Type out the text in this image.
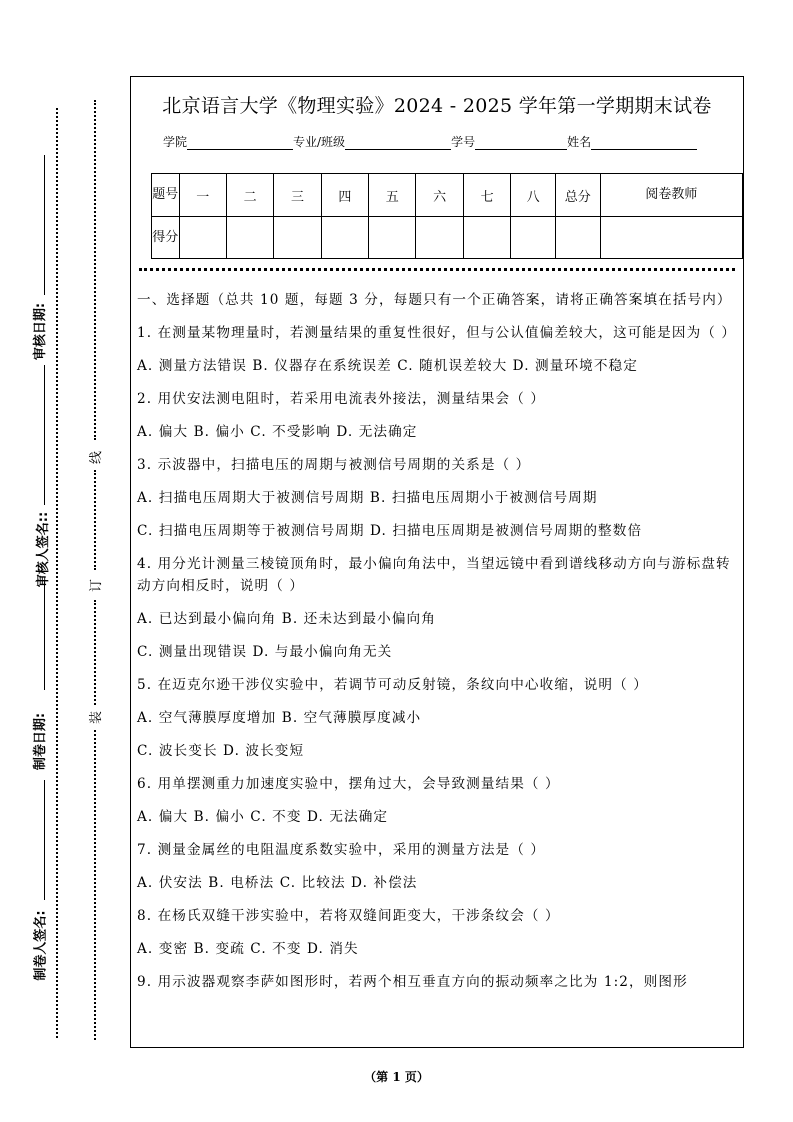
审核日期:
审核人签名::
制卷日期:
制卷人签名:
线
订
装
北京语言大学《物理实验》2024 - 2025 学年第一学期期末试卷
学院	专业/班级	学号	姓名
题号	一	二	三	四	五	六	七	八	总分	阅卷教师
得分										
一、选择题（总共 10 题，每题 3 分，每题只有一个正确答案，请将正确答案填在括号内）
1. 在测量某物理量时，若测量结果的重复性很好，但与公认值偏差较大，这可能是因为（ ）
A. 测量方法错误 B. 仪器存在系统误差 C. 随机误差较大 D. 测量环境不稳定
2. 用伏安法测电阻时，若采用电流表外接法，测量结果会（ ）
A. 偏大 B. 偏小 C. 不受影响 D. 无法确定
3. 示波器中，扫描电压的周期与被测信号周期的关系是（ ）
A. 扫描电压周期大于被测信号周期 B. 扫描电压周期小于被测信号周期
C. 扫描电压周期等于被测信号周期 D. 扫描电压周期是被测信号周期的整数倍
4. 用分光计测量三棱镜顶角时，最小偏向角法中，当望远镜中看到谱线移动方向与游标盘转动方向相反时，说明（ ）
A. 已达到最小偏向角 B. 还未达到最小偏向角
C. 测量出现错误 D. 与最小偏向角无关
5. 在迈克尔逊干涉仪实验中，若调节可动反射镜，条纹向中心收缩，说明（ ）
A. 空气薄膜厚度增加 B. 空气薄膜厚度减小
C. 波长变长 D. 波长变短
6. 用单摆测重力加速度实验中，摆角过大，会导致测量结果（ ）
A. 偏大 B. 偏小 C. 不变 D. 无法确定
7. 测量金属丝的电阻温度系数实验中，采用的测量方法是（ ）
A. 伏安法 B. 电桥法 C. 比较法 D. 补偿法
8. 在杨氏双缝干涉实验中，若将双缝间距变大，干涉条纹会（ ）
A. 变密 B. 变疏 C. 不变 D. 消失
9. 用示波器观察李萨如图形时，若两个相互垂直方向的振动频率之比为 1:2，则图形
（第 1 页）
